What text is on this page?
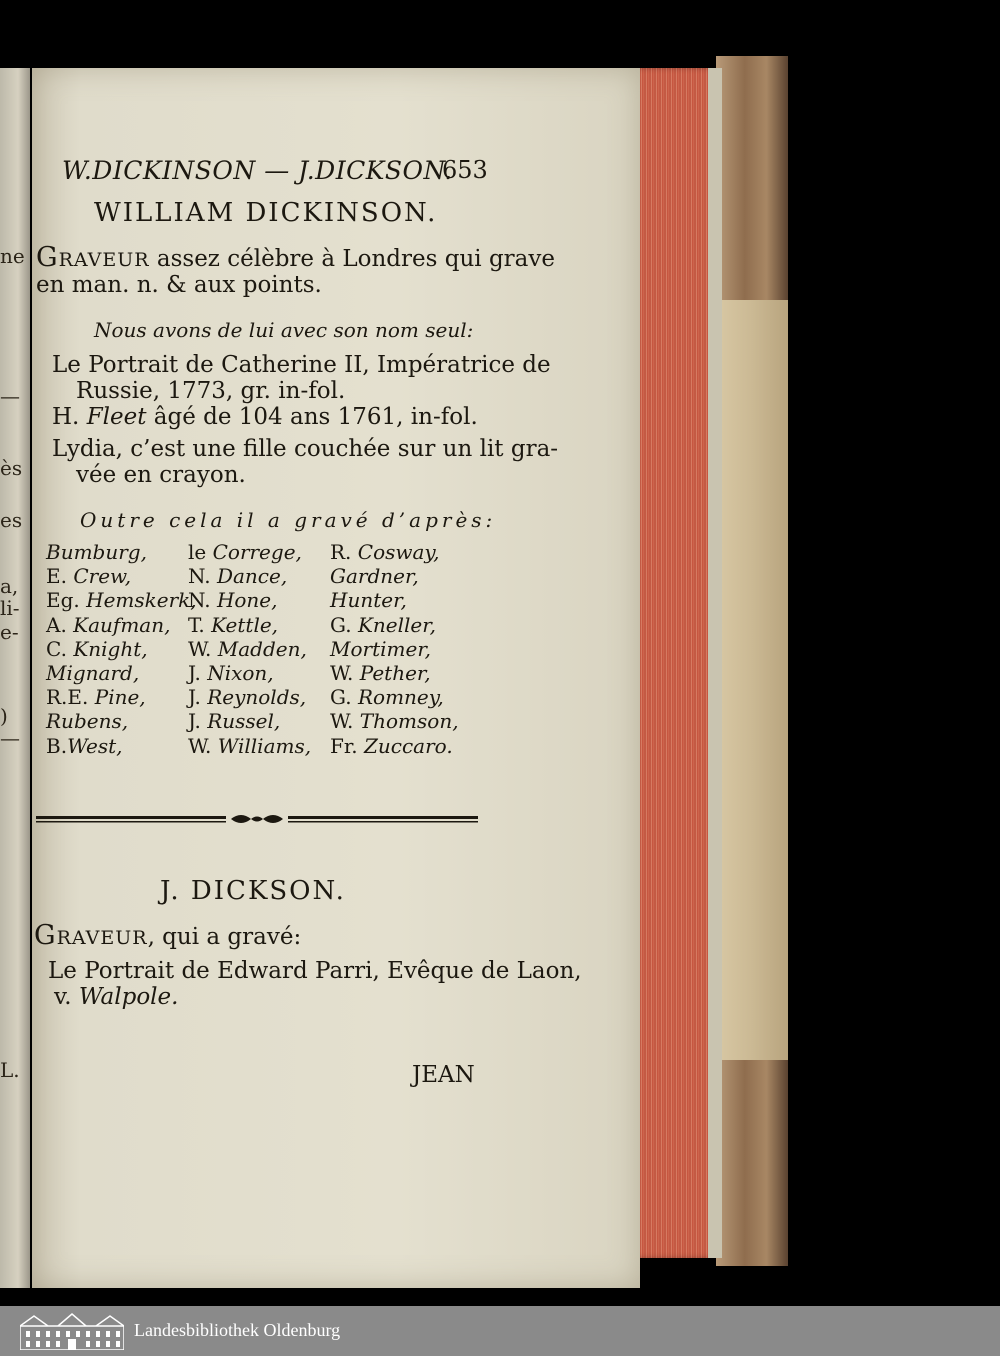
ne
—
ès
es
a,
li-
e-
)
—
L.
W.DICKINSON — J.DICKSON.
653
WILLIAM DICKINSON.
Graveur assez célèbre à Londres qui grave
en man. n. & aux points.
Nous avons de lui avec son nom seul:
Le Portrait de Catherine II, Impératrice de
Russie, 1773, gr. in-fol.
H. Fleet âgé de 104 ans 1761, in-fol.
Lydia, c’est une fille couchée sur un lit gra-
vée en crayon.
Outre cela il a gravé d’après:
Bumburg,
E. Crew,
Eg. Hemskerk,
A. Kaufman,
C. Knight,
Mignard,
R.E. Pine,
Rubens,
B.West,
le Correge,
N. Dance,
N. Hone,
T. Kettle,
W. Madden,
J. Nixon,
J. Reynolds,
J. Russel,
W. Williams,
R. Cosway,
Gardner,
Hunter,
G. Kneller,
Mortimer,
W. Pether,
G. Romney,
W. Thomson,
Fr. Zuccaro.
J. DICKSON.
Graveur, qui a gravé:
Le Portrait de Edward Parri, Evêque de Laon,
v. Walpole.
JEAN
Landesbibliothek Oldenburg
